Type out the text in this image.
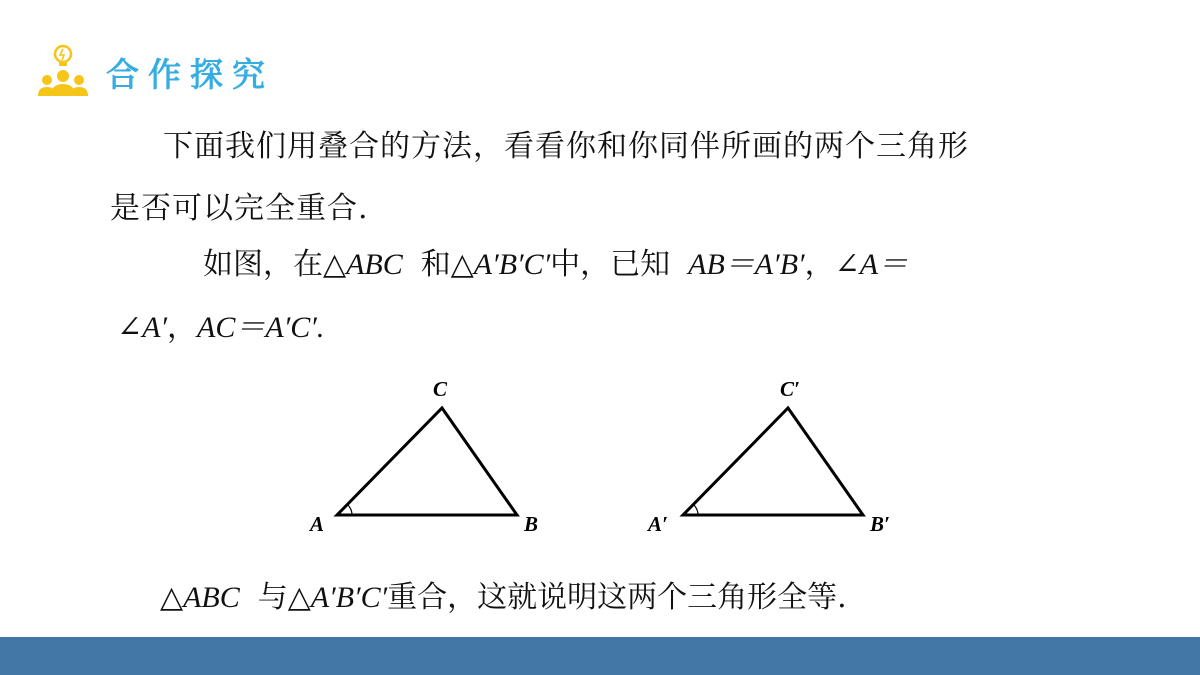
合作探究
下面我们用叠合的方法，看看你和你同伴所画的两个三角形
是否可以完全重合.
如图，在△ABC 和△A′B′C′中，已知 AB＝A′B′，∠A＝
∠A′，AC＝A′C′.
C
A	B
C′
A′	B′
△ABC 与△A′B′C′重合，这就说明这两个三角形全等.
